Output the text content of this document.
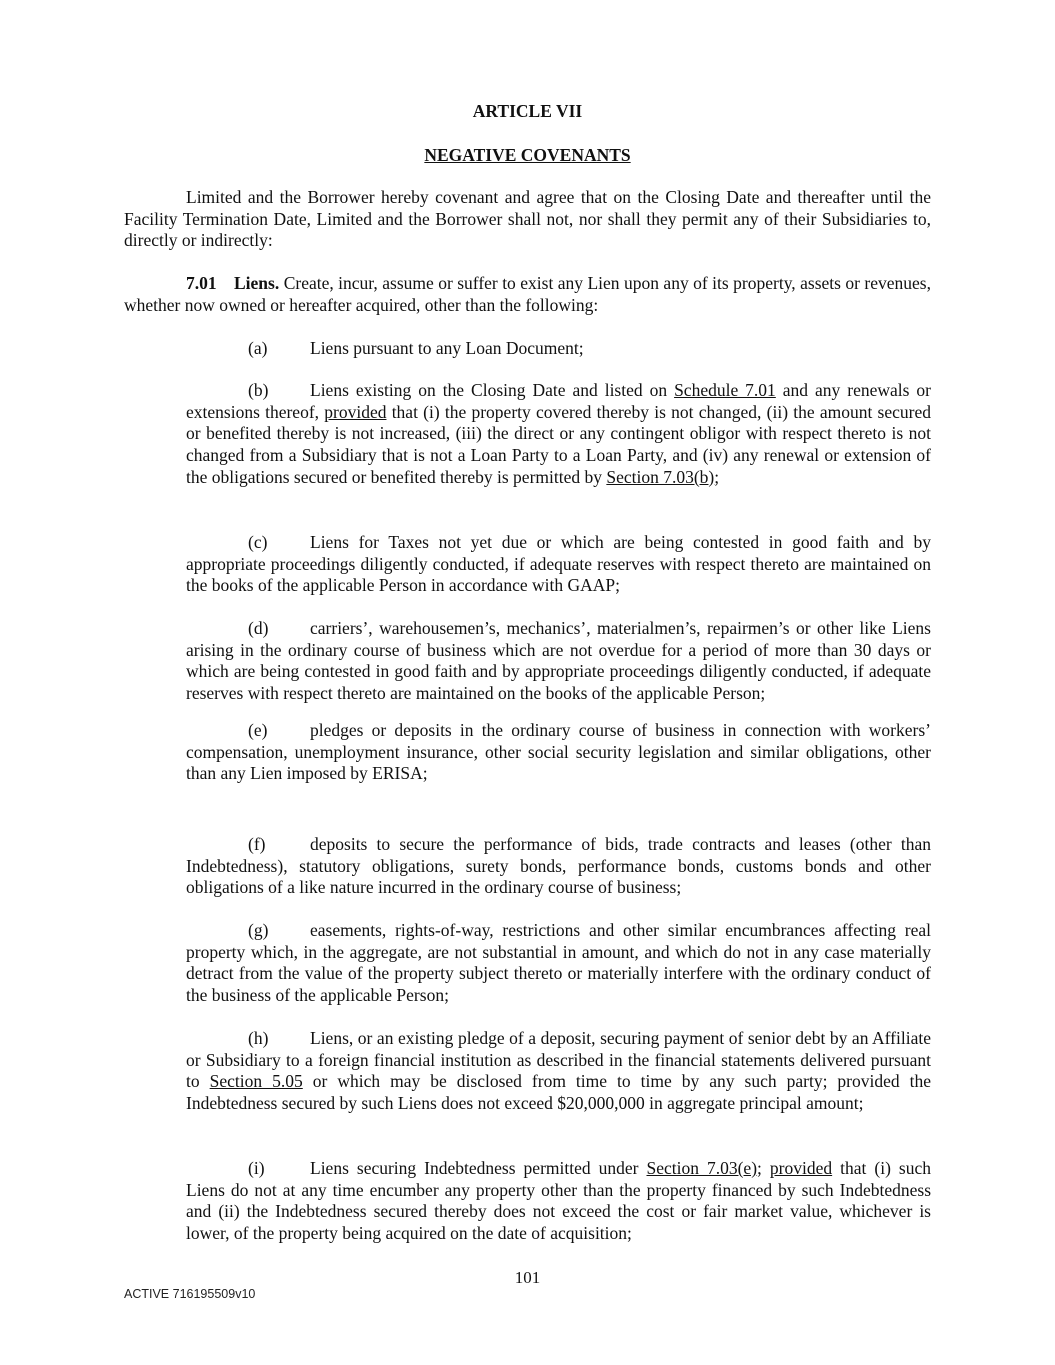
ARTICLE VII
NEGATIVE COVENANTS

Limited and the Borrower hereby covenant and agree that on the Closing Date and thereafter until the Facility Termination Date, Limited and the Borrower shall not, nor shall they permit any of their Subsidiaries to, directly or indirectly:

7.01 Liens. Create, incur, assume or suffer to exist any Lien upon any of its property, assets or revenues, whether now owned or hereafter acquired, other than the following:

(a) Liens pursuant to any Loan Document;

(b) Liens existing on the Closing Date and listed on Schedule 7.01 and any renewals or extensions thereof, provided that (i) the property covered thereby is not changed, (ii) the amount secured or benefited thereby is not increased, (iii) the direct or any contingent obligor with respect thereto is not changed from a Subsidiary that is not a Loan Party to a Loan Party, and (iv) any renewal or extension of the obligations secured or benefited thereby is permitted by Section 7.03(b);

(c) Liens for Taxes not yet due or which are being contested in good faith and by appropriate proceedings diligently conducted, if adequate reserves with respect thereto are maintained on the books of the applicable Person in accordance with GAAP;

(d) carriers’, warehousemen’s, mechanics’, materialmen’s, repairmen’s or other like Liens arising in the ordinary course of business which are not overdue for a period of more than 30 days or which are being contested in good faith and by appropriate proceedings diligently conducted, if adequate reserves with respect thereto are maintained on the books of the applicable Person;

(e) pledges or deposits in the ordinary course of business in connection with workers’ compensation, unemployment insurance, other social security legislation and similar obligations, other than any Lien imposed by ERISA;

(f)	deposits to secure the performance of bids, trade contracts and leases (other than Indebtedness), statutory obligations, surety bonds, performance bonds, customs bonds and other obligations of a like nature incurred in the ordinary course of business;

(g) easements, rights-of-way, restrictions and other similar encumbrances affecting real property which, in the aggregate, are not substantial in amount, and which do not in any case materially detract from the value of the property subject thereto or materially interfere with the ordinary conduct of the business of the applicable Person;

(h) Liens, or an existing pledge of a deposit, securing payment of senior debt by an Affiliate or Subsidiary to a foreign financial institution as described in the financial statements delivered pursuant to Section 5.05 or which may be disclosed from time to time by any such party; provided the Indebtedness secured by such Liens does not exceed $20,000,000 in aggregate principal amount;

(i)	Liens securing Indebtedness permitted under Section 7.03(e); provided that (i) such Liens do not at any time encumber any property other than the property financed by such Indebtedness and (ii) the Indebtedness secured thereby does not exceed the cost or fair market value, whichever is lower, of the property being acquired on the date of acquisition;

101
ACTIVE 716195509v10
